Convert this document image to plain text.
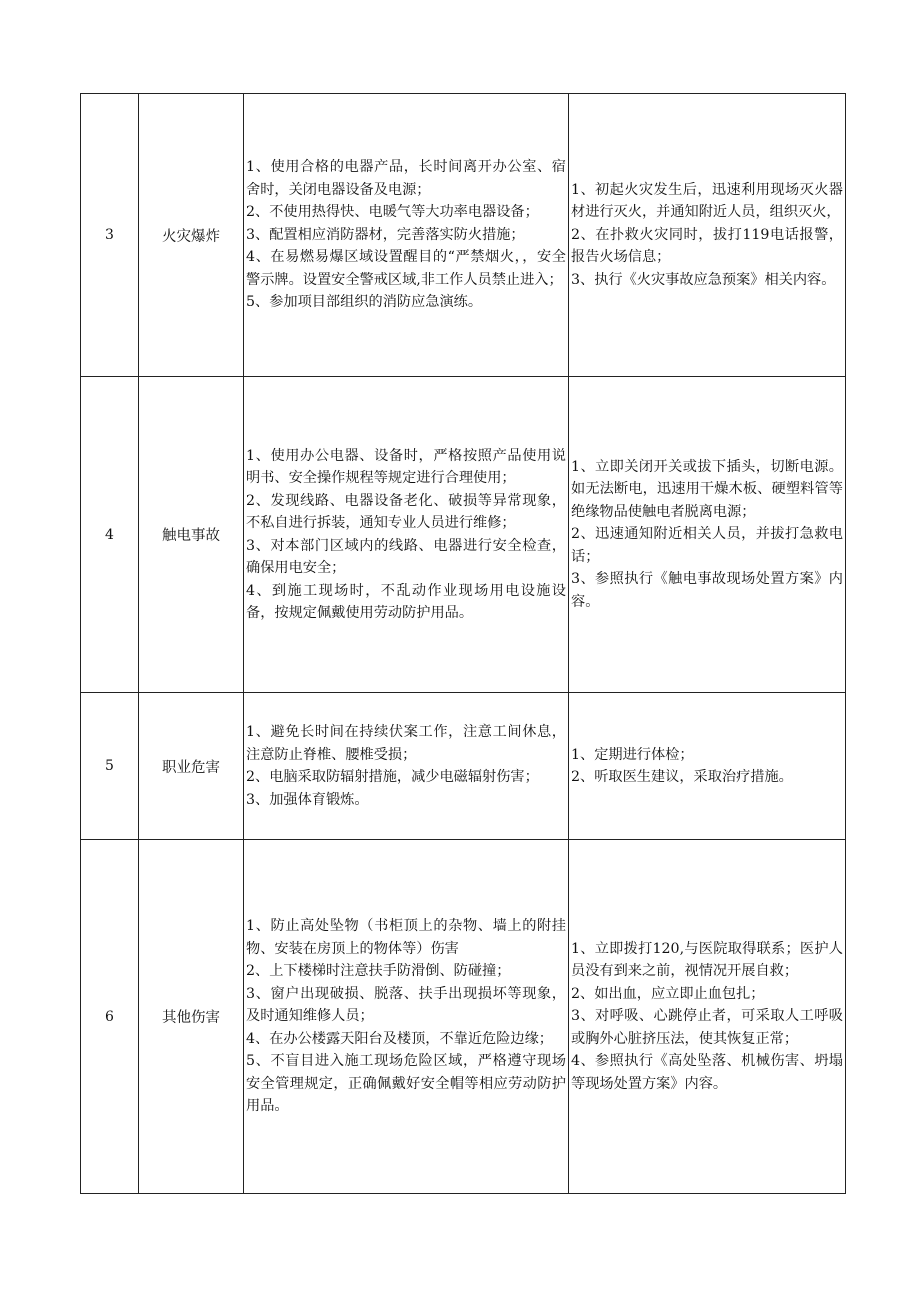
3	火灾爆炸	1、使用合格的电器产品，长时间离开办公室、宿舍时，关闭电器设备及电源；
2、不使用热得快、电暖气等大功率电器设备；
3、配置相应消防器材，完善落实防火措施；
4、在易燃易爆区域设置醒目的“严禁烟火，，安全警示牌。设置安全警戒区域,非工作人员禁止进入；
5、参加项目部组织的消防应急演练。	1、初起火灾发生后，迅速利用现场灭火器材进行灭火，并通知附近人员，组织灭火，
2、在扑救火灾同时，拔打119电话报警，报告火场信息；
3、执行《火灾事故应急预案》相关内容。

4	触电事故	1、使用办公电器、设备时，严格按照产品使用说明书、安全操作规程等规定进行合理使用；
2、发现线路、电器设备老化、破损等异常现象，不私自进行拆装，通知专业人员进行维修；
3、对本部门区域内的线路、电器进行安全检查，确保用电安全；
4、到施工现场时，不乱动作业现场用电设施设备，按规定佩戴使用劳动防护用品。	1、立即关闭开关或拔下插头，切断电源。如无法断电，迅速用干燥木板、硬塑料管等绝缘物品使触电者脱离电源；
2、迅速通知附近相关人员，并拔打急救电话；
3、参照执行《触电事故现场处置方案》内容。

5	职业危害	1、避免长时间在持续伏案工作，注意工间休息，注意防止脊椎、腰椎受损；
2、电脑采取防辐射措施，减少电磁辐射伤害；
3、加强体育锻炼。	1、定期进行体检；
2、听取医生建议，采取治疗措施。

6	其他伤害	1、防止高处坠物（书柜顶上的杂物、墙上的附挂物、安装在房顶上的物体等）伤害
2、上下楼梯时注意扶手防滑倒、防碰撞；
3、窗户出现破损、脱落、扶手出现损坏等现象，及时通知维修人员；
4、在办公楼露天阳台及楼顶，不靠近危险边缘；
5、不盲目进入施工现场危险区域，严格遵守现场安全管理规定，正确佩戴好安全帽等相应劳动防护用品。	1、立即拨打120,与医院取得联系；医护人员没有到来之前，视情况开展自救；
2、如出血，应立即止血包扎；
3、对呼吸、心跳停止者，可采取人工呼吸或胸外心脏挤压法，使其恢复正常；
4、参照执行《高处坠落、机械伤害、坍塌等现场处置方案》内容。
